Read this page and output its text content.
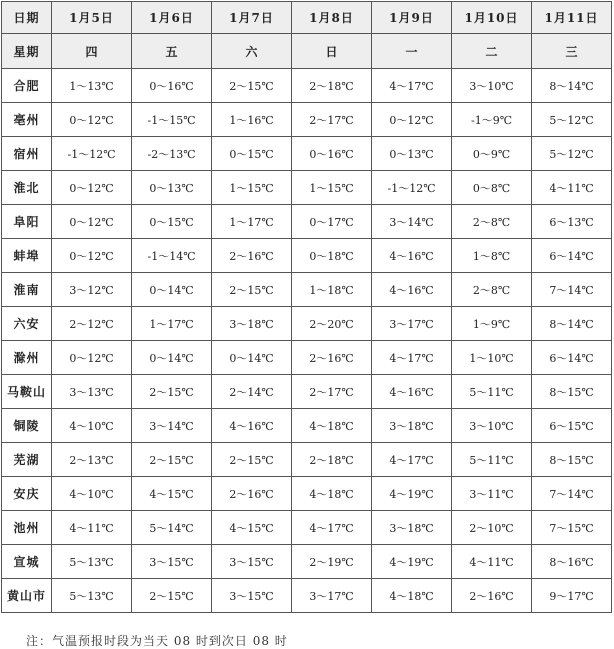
日期	1月5日	1月6日	1月7日	1月8日	1月9日	1月10日	1月11日
星期	四	五	六	日	一	二	三
合肥	1～13℃	0～16℃	2～15℃	2～18℃	4～17℃	3～10℃	8～14℃
亳州	0～12℃	-1～15℃	1～16℃	2～17℃	0～12℃	-1～9℃	5～12℃
宿州	-1～12℃	-2～13℃	0～15℃	0～16℃	0～13℃	0～9℃	5～12℃
淮北	0～12℃	0～13℃	1～15℃	1～15℃	-1～12℃	0～8℃	4～11℃
阜阳	0～12℃	0～15℃	1～17℃	0～17℃	3～14℃	2～8℃	6～13℃
蚌埠	0～12℃	-1～14℃	2～16℃	0～18℃	4～16℃	1～8℃	6～14℃
淮南	3～12℃	0～14℃	2～15℃	1～18℃	4～16℃	2～8℃	7～14℃
六安	2～12℃	1～17℃	3～18℃	2～20℃	3～17℃	1～9℃	8～14℃
滁州	0～12℃	0～14℃	0～14℃	2～16℃	4～17℃	1～10℃	6～14℃
马鞍山	3～13℃	2～15℃	2～14℃	2～17℃	4～16℃	5～11℃	8～15℃
铜陵	4～10℃	3～14℃	4～16℃	4～18℃	3～18℃	3～10℃	6～15℃
芜湖	2～13℃	2～15℃	2～15℃	2～18℃	4～17℃	5～11℃	8～15℃
安庆	4～10℃	4～15℃	2～16℃	4～18℃	4～19℃	3～11℃	7～14℃
池州	4～11℃	5～14℃	4～15℃	4～17℃	3～18℃	2～10℃	7～15℃
宣城	5～13℃	3～15℃	3～15℃	2～19℃	4～19℃	4～11℃	8～16℃
黄山市	5～13℃	2～15℃	3～15℃	3～17℃	4～18℃	2～16℃	9～17℃
注：气温预报时段为当天 08 时到次日 08 时
